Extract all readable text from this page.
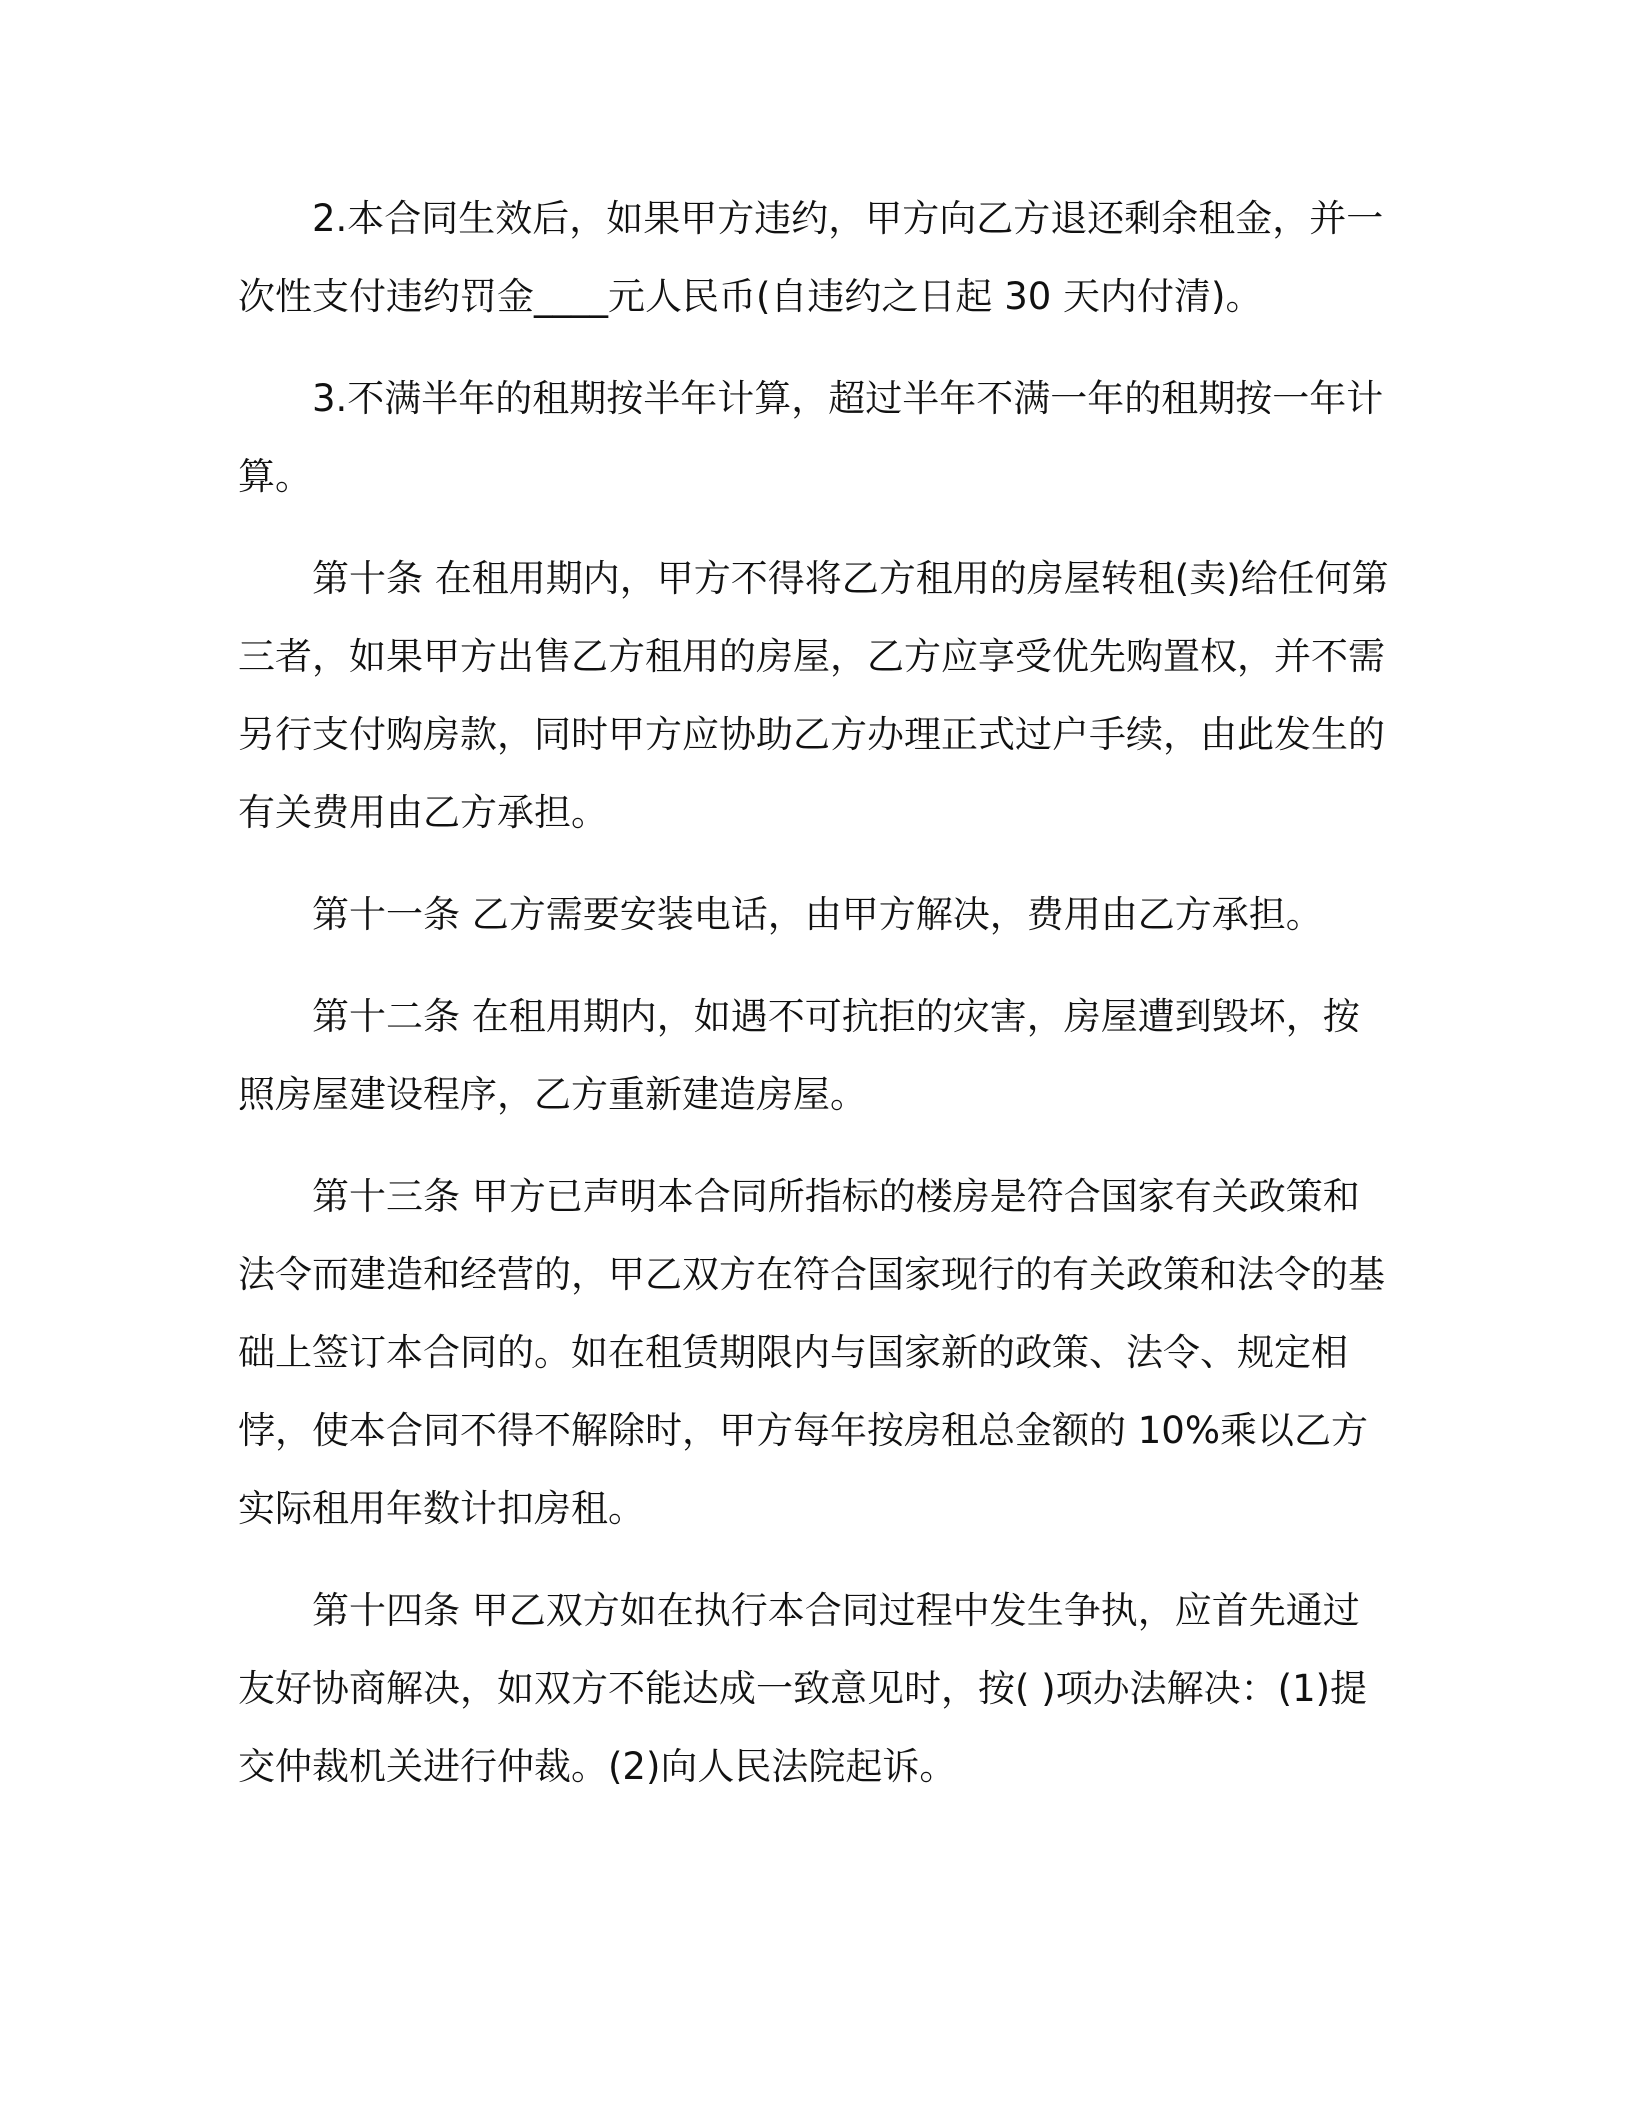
2.本合同生效后，如果甲方违约，甲方向乙方退还剩余租金，并一次性支付违约罚金____元人民币(自违约之日起 30 天内付清)。

3.不满半年的租期按半年计算，超过半年不满一年的租期按一年计算。

第十条 在租用期内，甲方不得将乙方租用的房屋转租(卖)给任何第三者，如果甲方出售乙方租用的房屋，乙方应享受优先购置权，并不需另行支付购房款，同时甲方应协助乙方办理正式过户手续，由此发生的有关费用由乙方承担。

第十一条 乙方需要安装电话，由甲方解决，费用由乙方承担。

第十二条 在租用期内，如遇不可抗拒的灾害，房屋遭到毁坏，按照房屋建设程序，乙方重新建造房屋。

第十三条 甲方已声明本合同所指标的楼房是符合国家有关政策和法令而建造和经营的，甲乙双方在符合国家现行的有关政策和法令的基础上签订本合同的。如在租赁期限内与国家新的政策、法令、规定相悖，使本合同不得不解除时，甲方每年按房租总金额的 10%乘以乙方实际租用年数计扣房租。

第十四条 甲乙双方如在执行本合同过程中发生争执，应首先通过友好协商解决，如双方不能达成一致意见时，按( )项办法解决：(1)提交仲裁机关进行仲裁。(2)向人民法院起诉。
